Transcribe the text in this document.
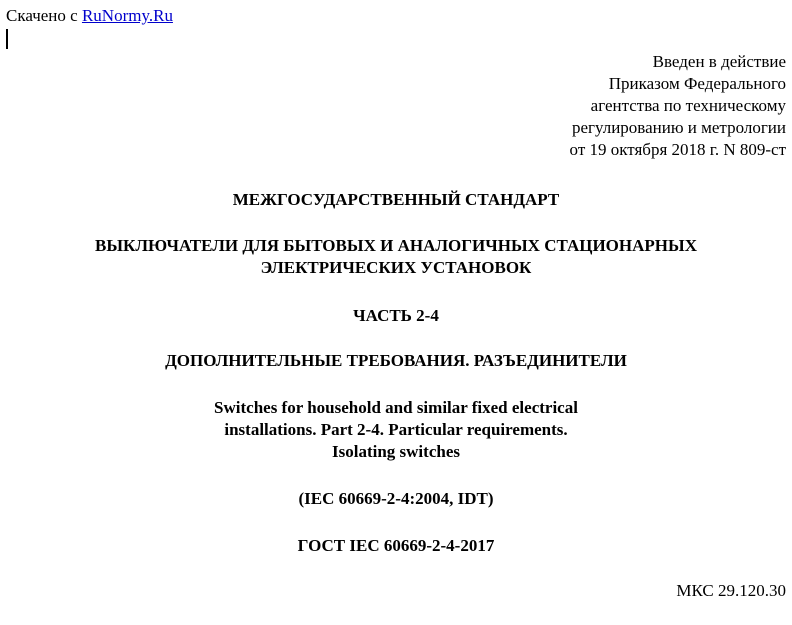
Скачено с RuNormy.Ru
Введен в действие
Приказом Федерального
агентства по техническому
регулированию и метрологии
от 19 октября 2018 г. N 809-ст
МЕЖГОСУДАРСТВЕННЫЙ СТАНДАРТ
ВЫКЛЮЧАТЕЛИ ДЛЯ БЫТОВЫХ И АНАЛОГИЧНЫХ СТАЦИОНАРНЫХ
ЭЛЕКТРИЧЕСКИХ УСТАНОВОК
ЧАСТЬ 2-4
ДОПОЛНИТЕЛЬНЫЕ ТРЕБОВАНИЯ. РАЗЪЕДИНИТЕЛИ
Switches for household and similar fixed electrical
installations. Part 2-4. Particular requirements.
Isolating switches
(IEC 60669-2-4:2004, IDT)
ГОСТ IEC 60669-2-4-2017
МКС 29.120.30
